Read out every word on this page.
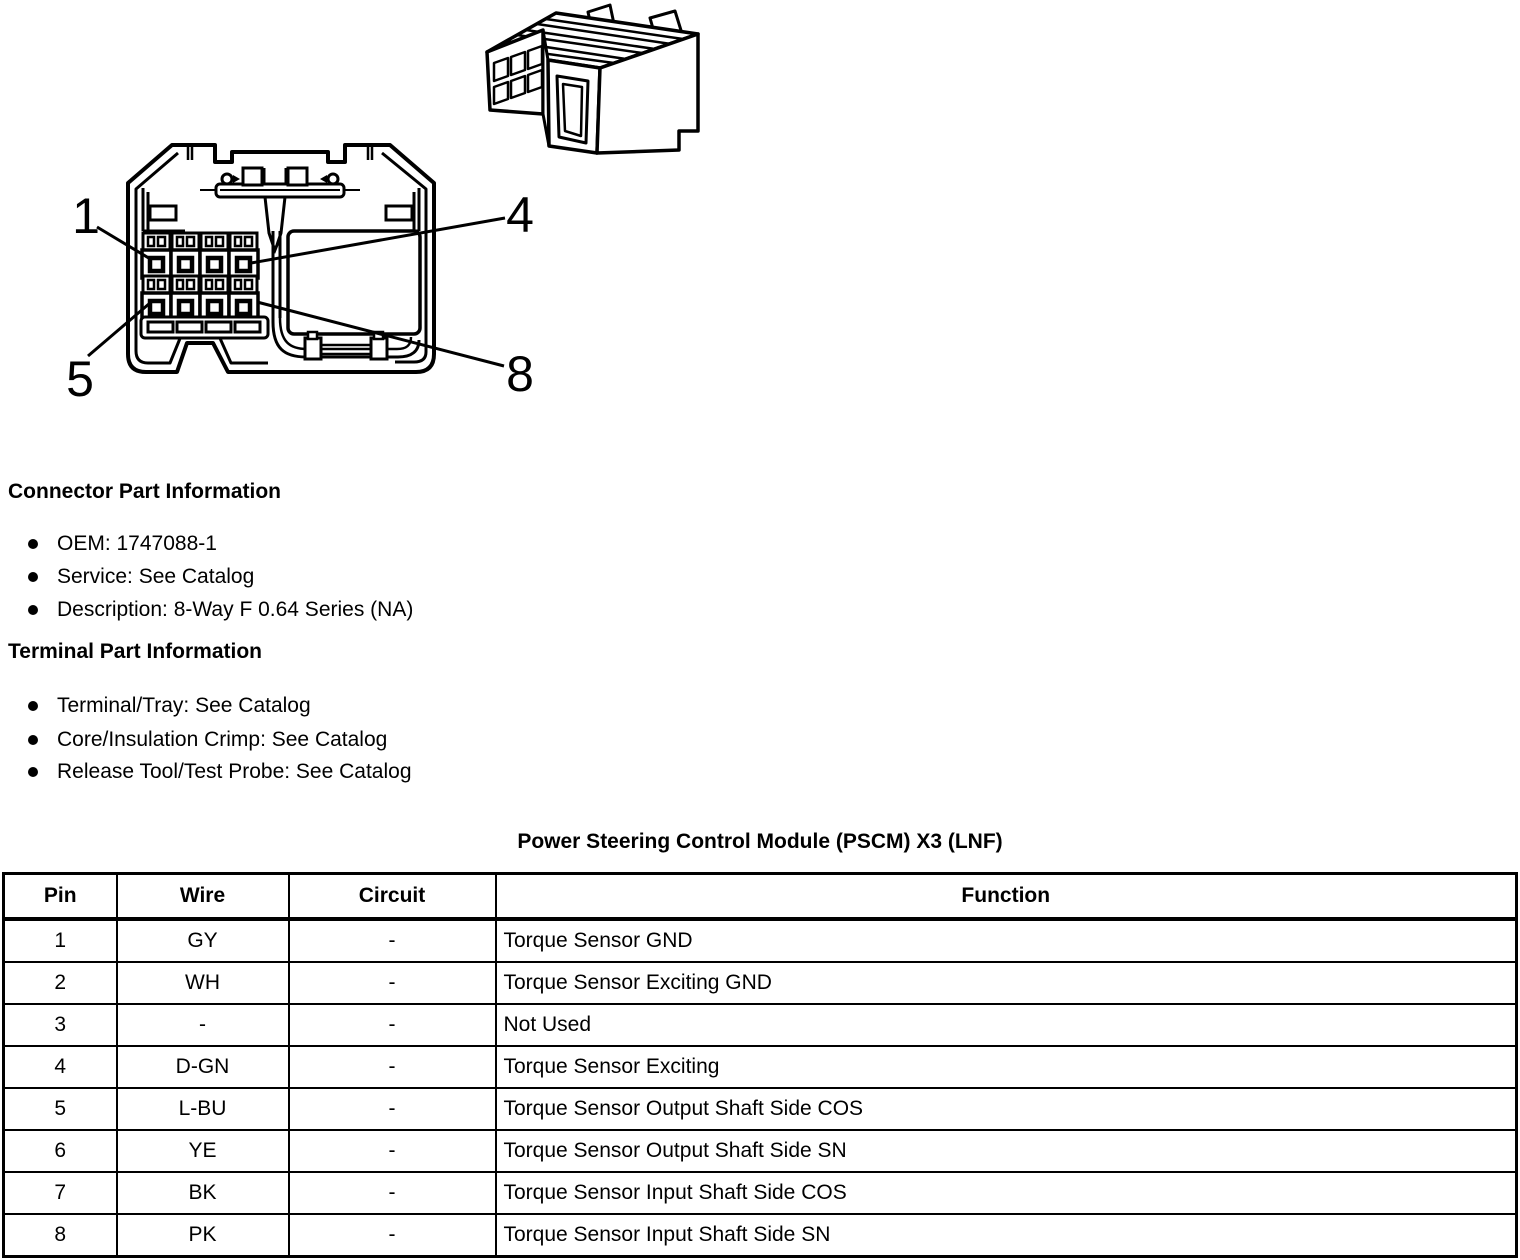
1	4
5	8
Connector Part Information
OEM: 1747088-1
Service: See Catalog
Description: 8-Way F 0.64 Series (NA)
Terminal Part Information
Terminal/Tray: See Catalog
Core/Insulation Crimp: See Catalog
Release Tool/Test Probe: See Catalog
Power Steering Control Module (PSCM) X3 (LNF)
Pin	Wire	Circuit	Function
1	GY	-	Torque Sensor GND
2	WH	-	Torque Sensor Exciting GND
3	-	-	Not Used
4	D-GN	-	Torque Sensor Exciting
5	L-BU	-	Torque Sensor Output Shaft Side COS
6	YE	-	Torque Sensor Output Shaft Side SN
7	BK	-	Torque Sensor Input Shaft Side COS
8	PK	-	Torque Sensor Input Shaft Side SN
